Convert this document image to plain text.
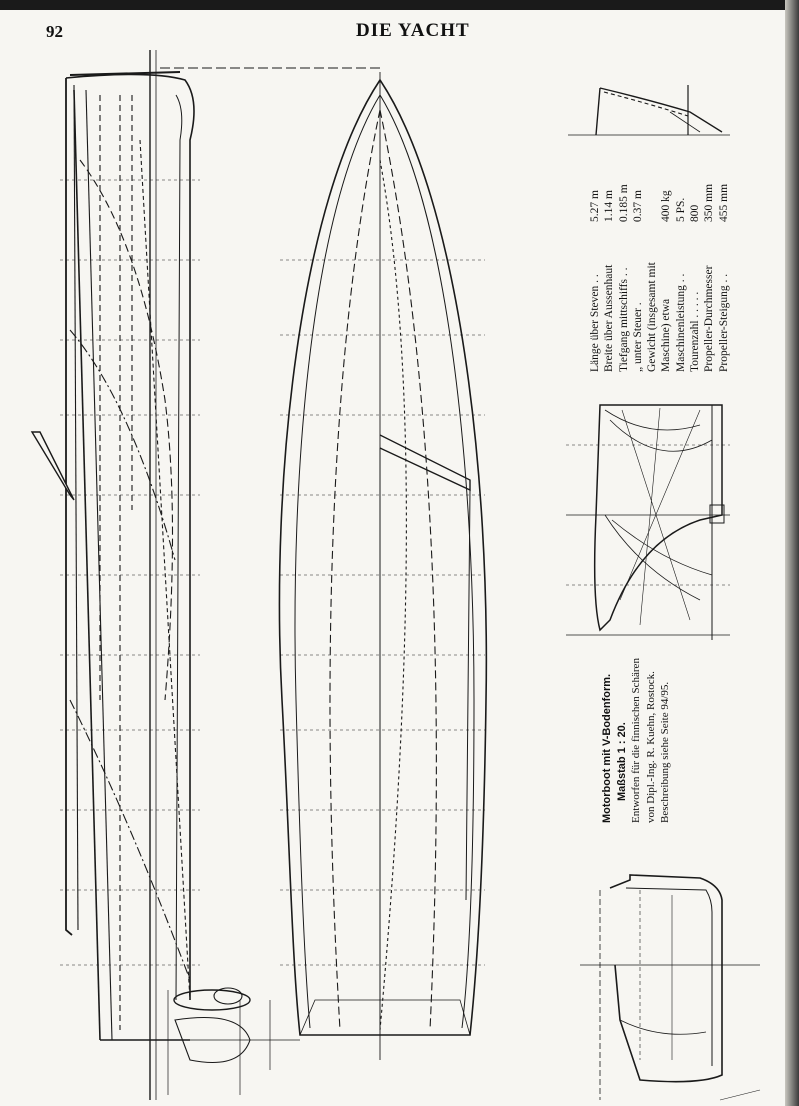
92	DIE YACHT
Länge über Steven . .
5.27 m
Breite über Aussenhaut
1.14 m
Tiefgang mittschiffs . .
0.185 m
„ unter Steuer .
0.37 m
Gewicht (insgesamt mit Maschine) etwa
400 kg
Maschinenleistung . .
5 PS.
Tourenzahl . . . . .
800
Propeller-Durchmesser
350 mm
Propeller-Steigung . .
455 mm
Motorboot mit V-Bodenform. Maßstab 1 : 20. Entworfen für die finnischen Schären von Dipl.-Ing. R. Kuehn, Rostock. Beschreibung siehe Seite 94/95.
